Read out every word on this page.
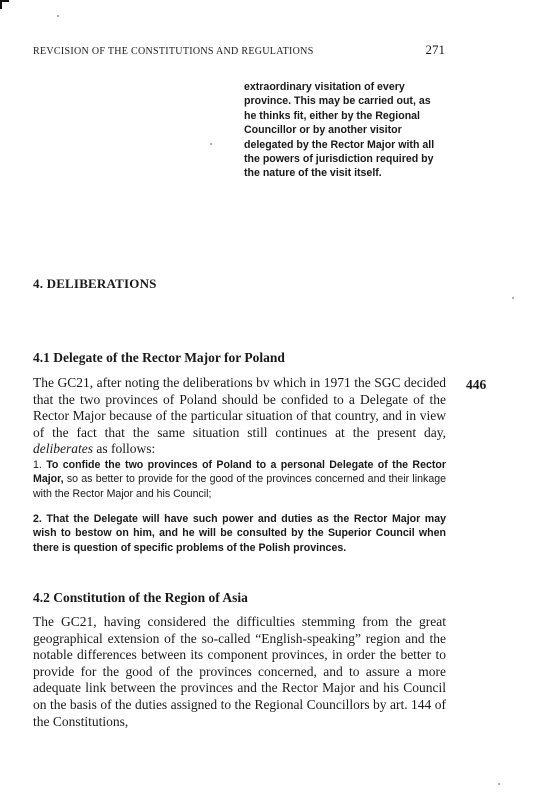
REVCISION OF THE CONSTITUTIONS AND REGULATIONS	271

extraordinary visitation of every province. This may be carried out, as he thinks fit, either by the Regional Councillor or by another visitor delegated by the Rector Major with all the powers of jurisdiction required by the nature of the visit itself.

4. DELIBERATIONS
4.1 Delegate of the Rector Major for Poland

The GC21, after noting the deliberations bv which in 1971 the SGC decided that the two provinces of Poland should be confided to a Delegate of the Rector Major because of the particular situation of that country, and in view of the fact that the same situation still continues at the present day, deliberates as follows:

446

1. To confide the two provinces of Poland to a personal Delegate of the Rector Major, so as better to provide for the good of the provinces concerned and their linkage with the Rector Major and his Council;

2. That the Delegate will have such power and duties as the Rector Major may wish to bestow on him, and he will be consulted by the Superior Council when there is question of specific problems of the Polish provinces.

4.2 Constitution of the Region of Asia

The GC21, having considered the difficulties stemming from the great geographical extension of the so-called “English-speaking” region and the notable differences between its component provinces, in order the better to provide for the good of the provinces concerned, and to assure a more adequate link between the provinces and the Rector Major and his Council on the basis of the duties assigned to the Regional Councillors by art. 144 of the Constitutions,
